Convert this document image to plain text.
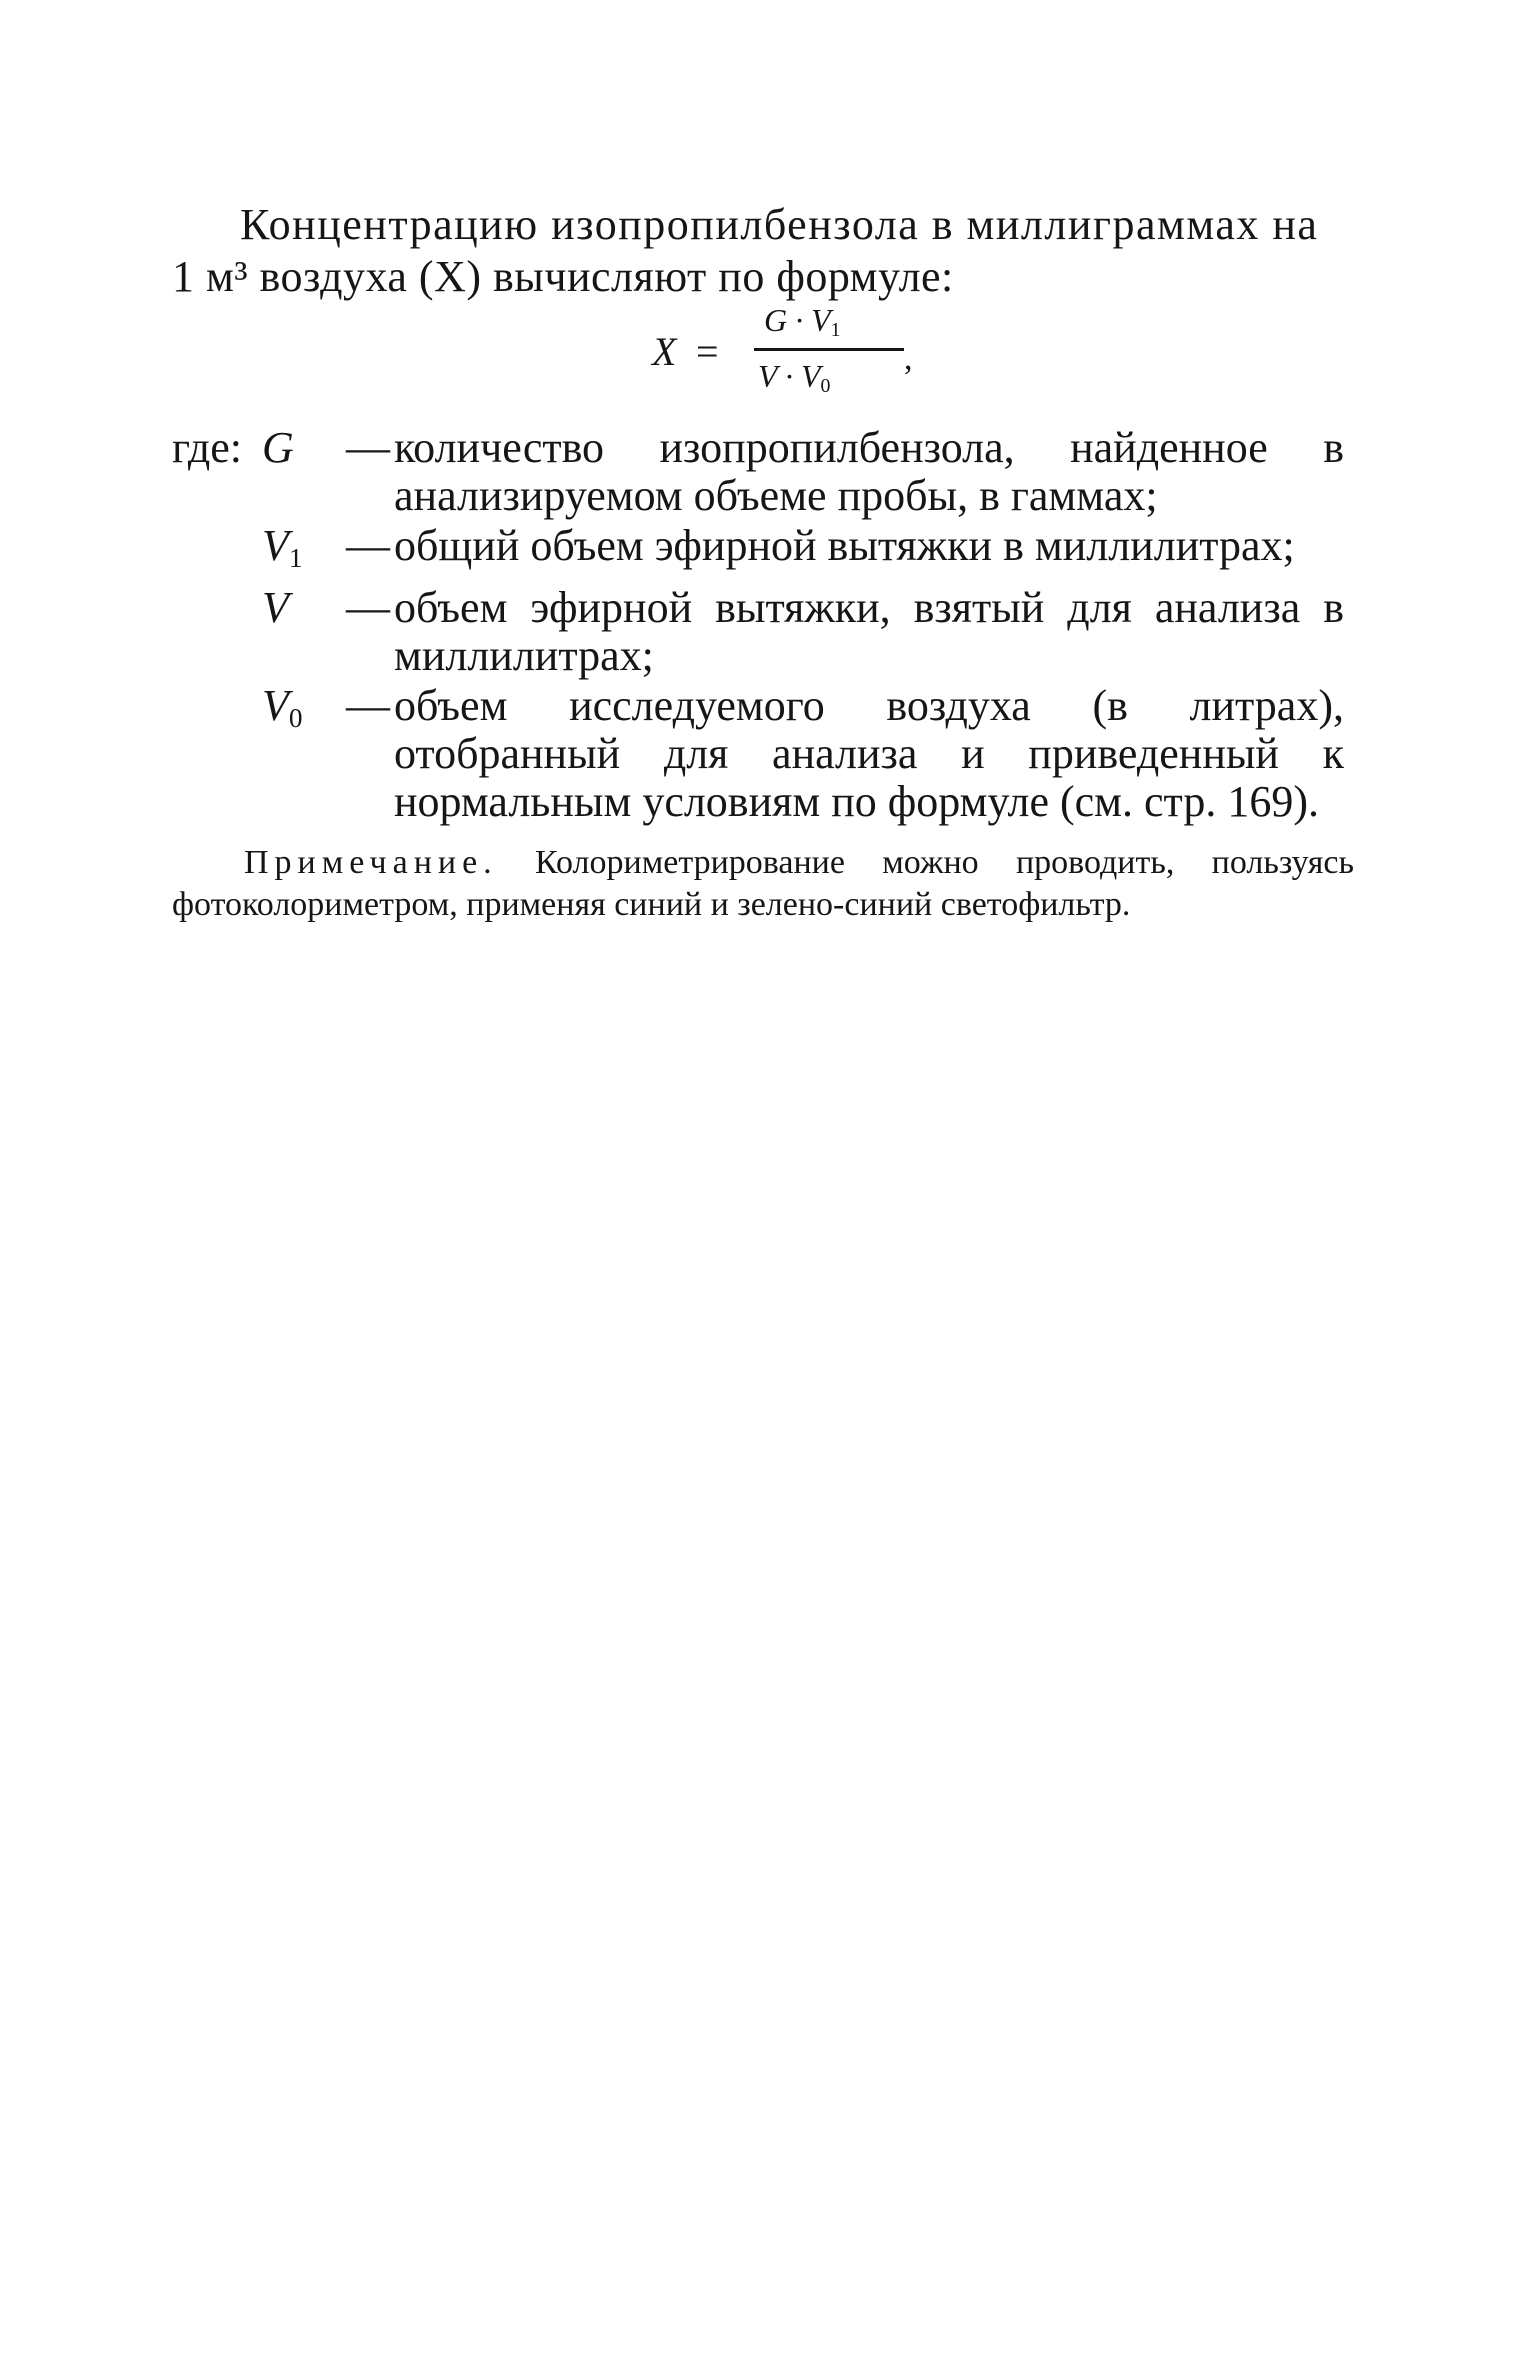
Концентрацию изопропилбензола в миллиграммах на
1 м³ воздуха (X) вычисляют по формуле:
X =
$G \cdot V_1$
$V \cdot V_0$
,
где: G	— количество изопропилбензола, найденное в анализируемом объеме пробы, в гаммах;
$V_1$ — общий объем эфирной вытяжки в миллилитрах;
V	— объем эфирной вытяжки, взятый для анализа в миллилитрах;
$V_0$ — объем исследуемого воздуха (в литрах), отобранный для анализа и приведенный к нормальным условиям по формуле (см. стр. 169).
Примечание. Колориметрирование можно проводить, пользуясь фотоколориметром, применяя синий и зелено-синий светофильтр.
